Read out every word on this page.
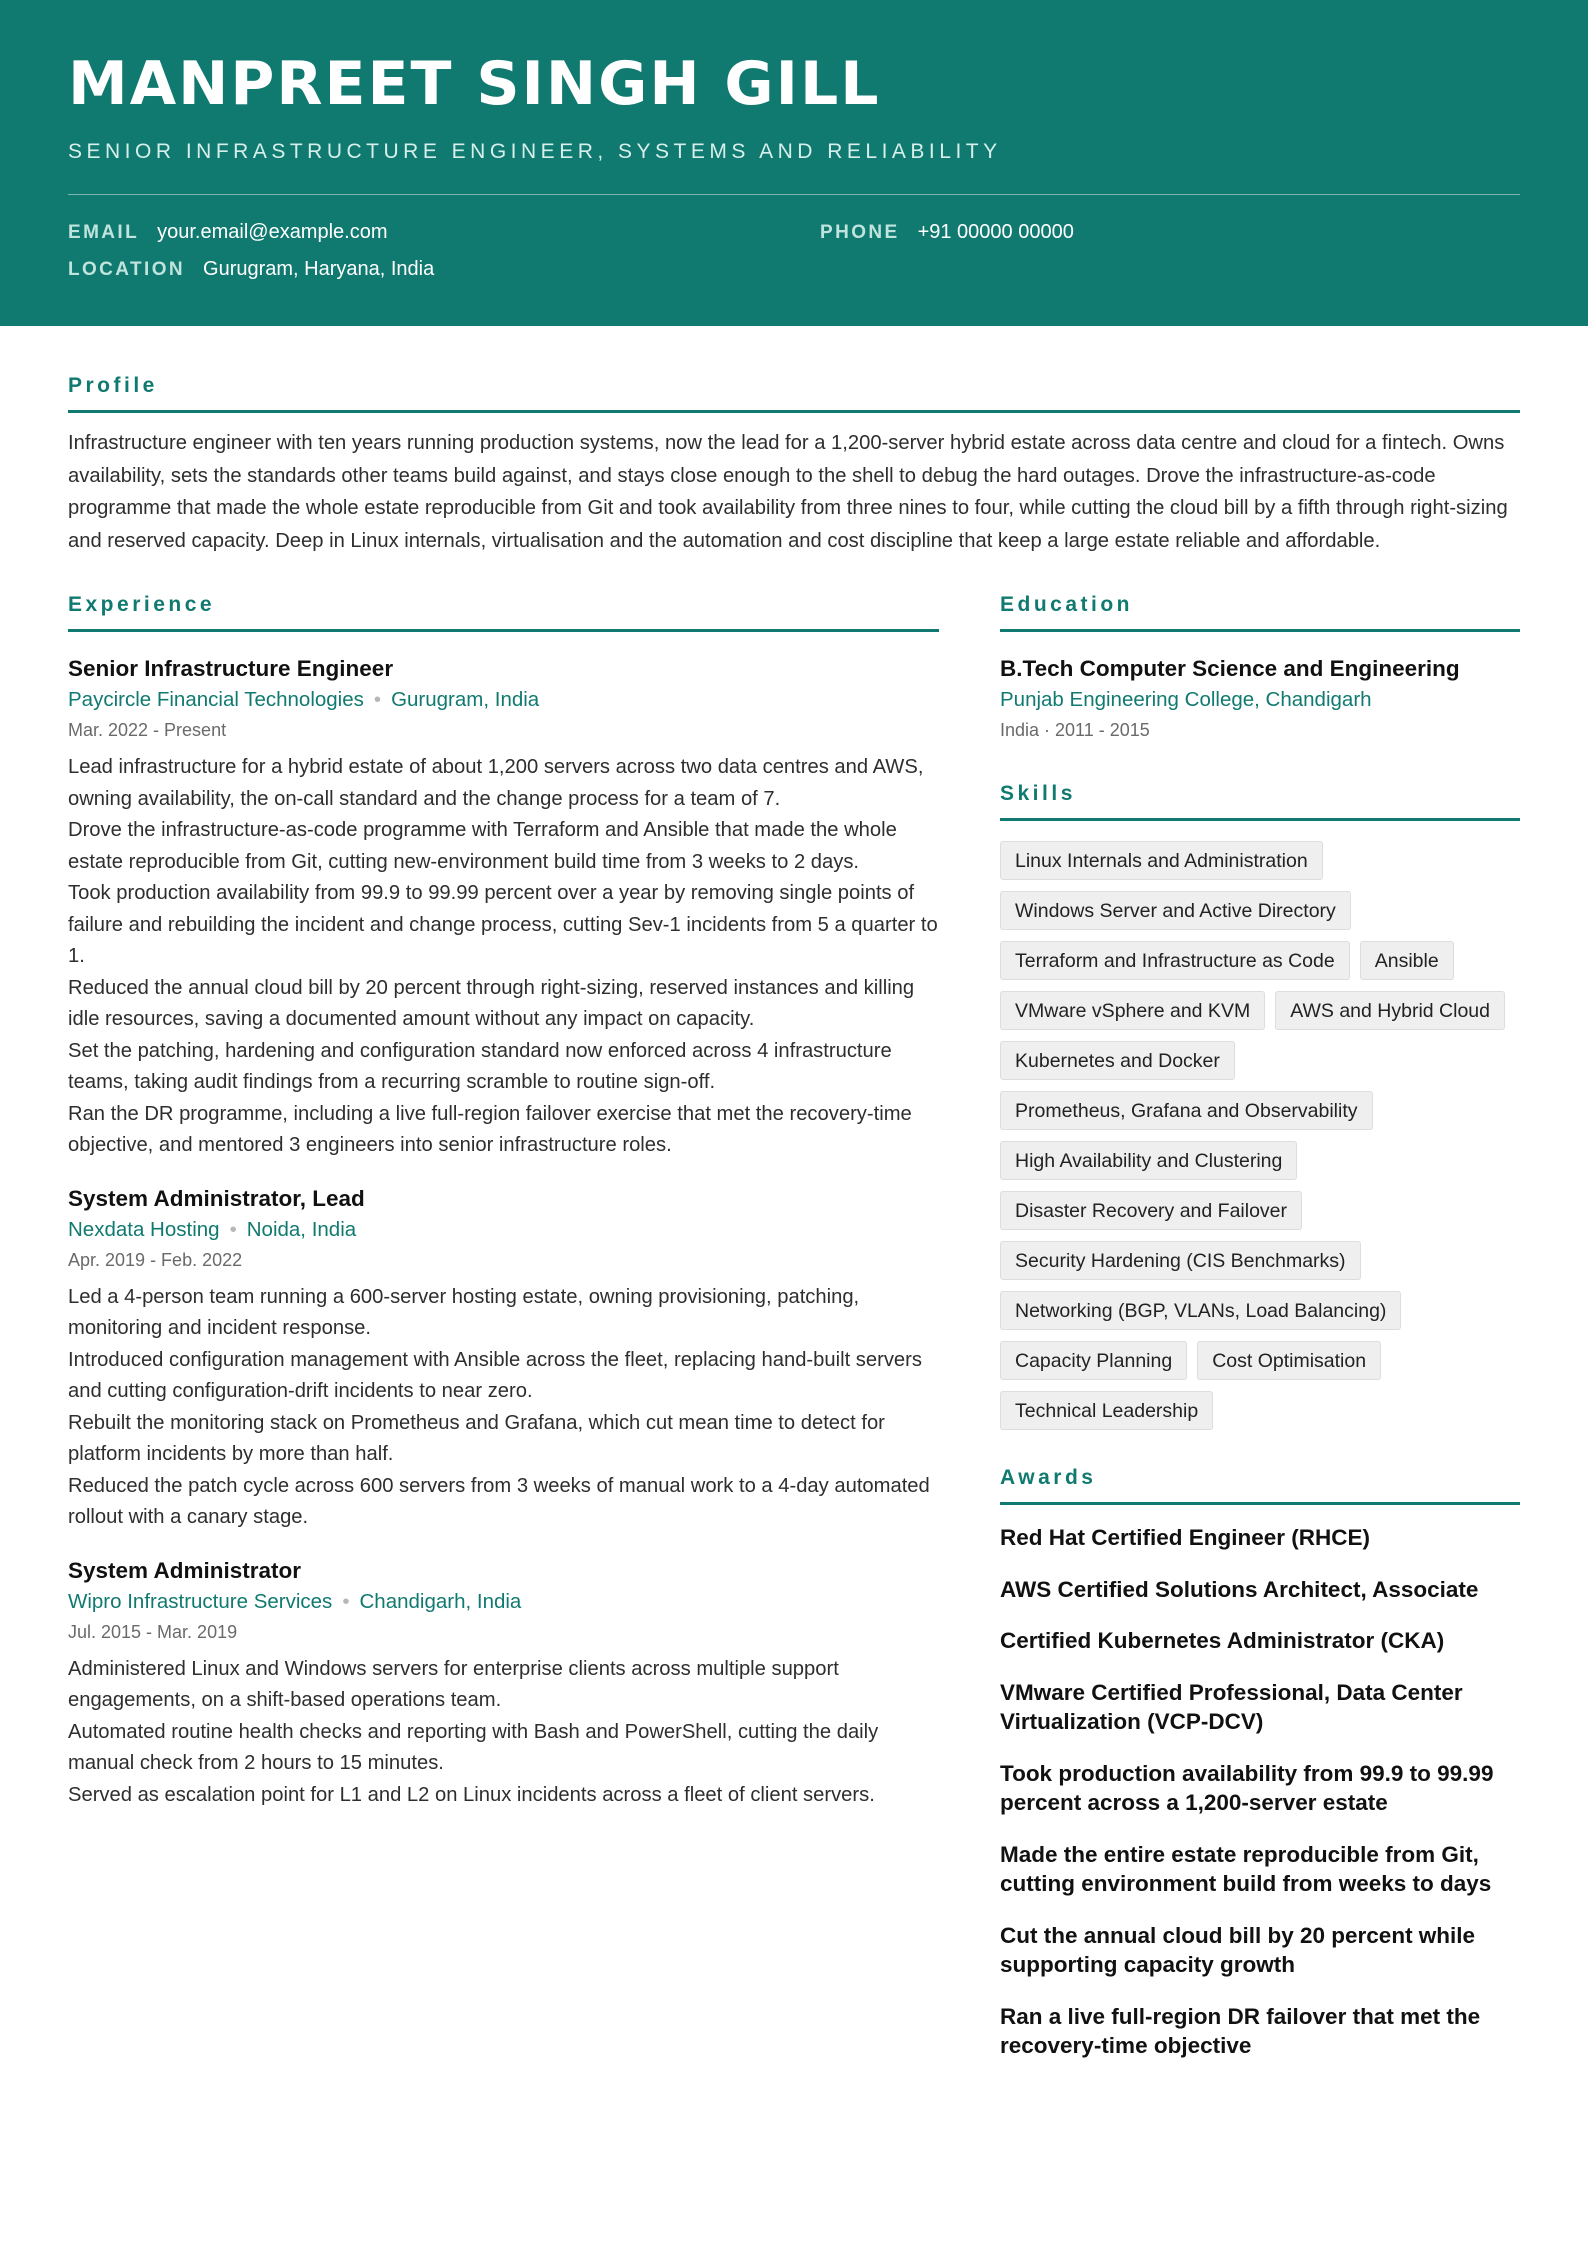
MANPREET SINGH GILL
SENIOR INFRASTRUCTURE ENGINEER, SYSTEMS AND RELIABILITY
EMAIL your.email@example.com	PHONE +91 00000 00000
LOCATION Gurugram, Haryana, India
Profile

Infrastructure engineer with ten years running production systems, now the lead for a 1,200-server hybrid estate across data centre and cloud for a fintech. Owns availability, sets the standards other teams build against, and stays close enough to the shell to debug the hard outages. Drove the infrastructure-as-code programme that made the whole estate reproducible from Git and took availability from three nines to four, while cutting the cloud bill by a fifth through right-sizing and reserved capacity. Deep in Linux internals, virtualisation and the automation and cost discipline that keep a large estate reliable and affordable.

Experience
Senior Infrastructure Engineer
Paycircle Financial Technologies • Gurugram, India
Mar. 2022 - Present
Lead infrastructure for a hybrid estate of about 1,200 servers across two data centres and AWS, owning availability, the on-call standard and the change process for a team of 7.
Drove the infrastructure-as-code programme with Terraform and Ansible that made the whole estate reproducible from Git, cutting new-environment build time from 3 weeks to 2 days.
Took production availability from 99.9 to 99.99 percent over a year by removing single points of failure and rebuilding the incident and change process, cutting Sev-1 incidents from 5 a quarter to 1.
Reduced the annual cloud bill by 20 percent through right-sizing, reserved instances and killing idle resources, saving a documented amount without any impact on capacity.
Set the patching, hardening and configuration standard now enforced across 4 infrastructure teams, taking audit findings from a recurring scramble to routine sign-off.
Ran the DR programme, including a live full-region failover exercise that met the recovery-time objective, and mentored 3 engineers into senior infrastructure roles.
System Administrator, Lead
Nexdata Hosting • Noida, India
Apr. 2019 - Feb. 2022
Led a 4-person team running a 600-server hosting estate, owning provisioning, patching, monitoring and incident response.
Introduced configuration management with Ansible across the fleet, replacing hand-built servers and cutting configuration-drift incidents to near zero.
Rebuilt the monitoring stack on Prometheus and Grafana, which cut mean time to detect for platform incidents by more than half.
Reduced the patch cycle across 600 servers from 3 weeks of manual work to a 4-day automated rollout with a canary stage.
System Administrator
Wipro Infrastructure Services • Chandigarh, India
Jul. 2015 - Mar. 2019
Administered Linux and Windows servers for enterprise clients across multiple support engagements, on a shift-based operations team.
Automated routine health checks and reporting with Bash and PowerShell, cutting the daily manual check from 2 hours to 15 minutes.
Served as escalation point for L1 and L2 on Linux incidents across a fleet of client servers.
Education
B.Tech Computer Science and Engineering
Punjab Engineering College, Chandigarh
India · 2011 - 2015
Skills
Linux Internals and Administration
Windows Server and Active Directory
Terraform and Infrastructure as Code	Ansible
VMware vSphere and KVM	AWS and Hybrid Cloud
Kubernetes and Docker
Prometheus, Grafana and Observability
High Availability and Clustering
Disaster Recovery and Failover
Security Hardening (CIS Benchmarks)
Networking (BGP, VLANs, Load Balancing)
Capacity Planning	Cost Optimisation
Technical Leadership
Awards
Red Hat Certified Engineer (RHCE)
AWS Certified Solutions Architect, Associate
Certified Kubernetes Administrator (CKA)
VMware Certified Professional, Data Center Virtualization (VCP-DCV)
Took production availability from 99.9 to 99.99 percent across a 1,200-server estate
Made the entire estate reproducible from Git, cutting environment build from weeks to days
Cut the annual cloud bill by 20 percent while supporting capacity growth
Ran a live full-region DR failover that met the recovery-time objective
